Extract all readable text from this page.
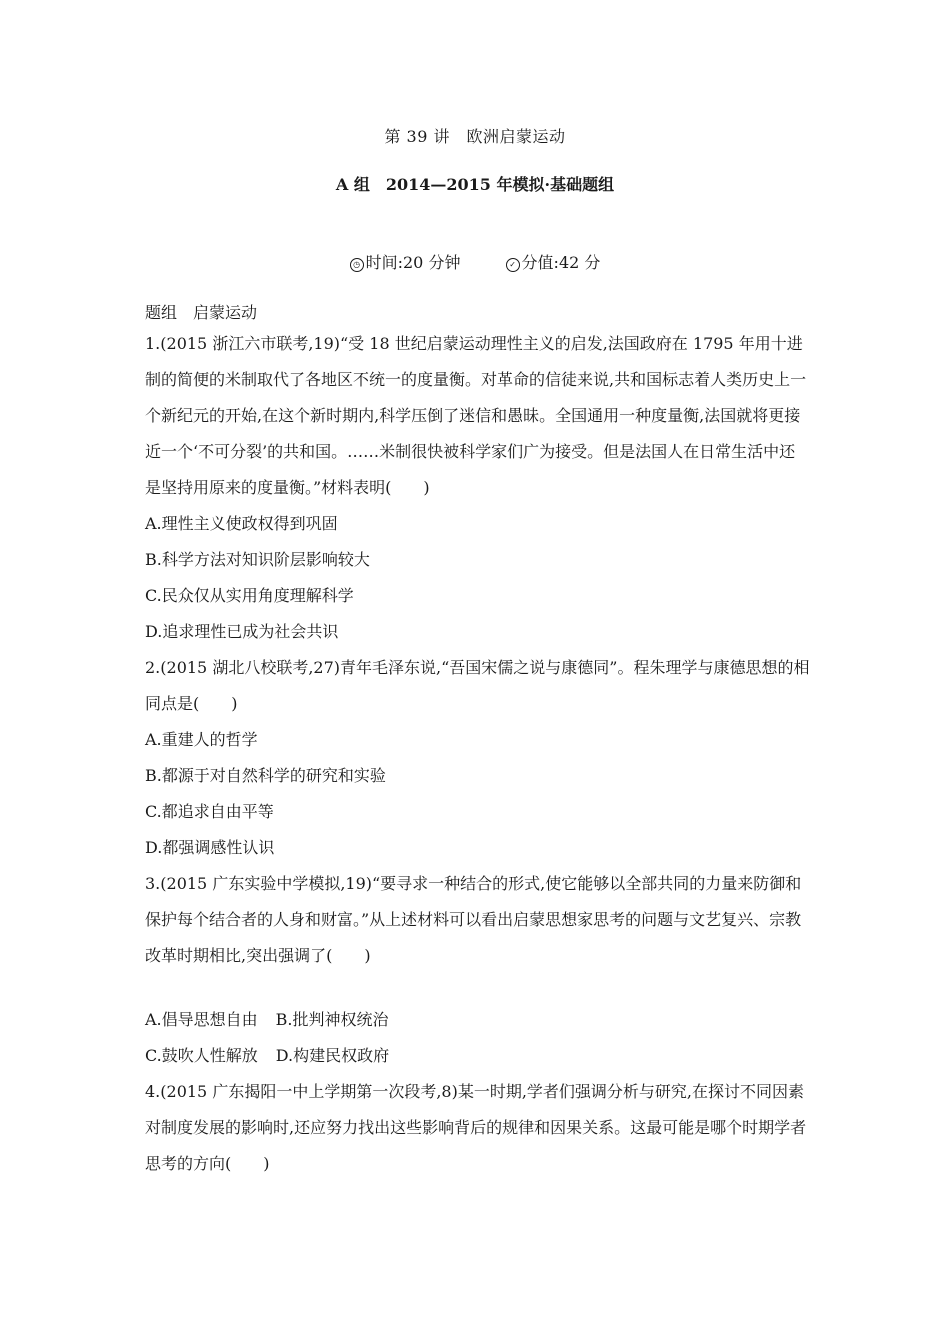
第 39 讲　欧洲启蒙运动
A 组　2014—2015 年模拟·基础题组
◷ 时间:20 分钟	✓ 分值:42 分
题组　启蒙运动
1.(2015 浙江六市联考,19)“受 18 世纪启蒙运动理性主义的启发,法国政府在 1795 年用十进制的简便的米制取代了各地区不统一的度量衡。对革命的信徒来说,共和国标志着人类历史上一个新纪元的开始,在这个新时期内,科学压倒了迷信和愚昧。全国通用一种度量衡,法国就将更接近一个‘不可分裂’的共和国。……米制很快被科学家们广为接受。但是法国人在日常生活中还是坚持用原来的度量衡。”材料表明(　　)
A.理性主义使政权得到巩固
B.科学方法对知识阶层影响较大
C.民众仅从实用角度理解科学
D.追求理性已成为社会共识
2.(2015 湖北八校联考,27)青年毛泽东说,“吾国宋儒之说与康德同”。程朱理学与康德思想的相同点是(　　)
A.重建人的哲学
B.都源于对自然科学的研究和实验
C.都追求自由平等
D.都强调感性认识
3.(2015 广东实验中学模拟,19)“要寻求一种结合的形式,使它能够以全部共同的力量来防御和保护每个结合者的人身和财富。”从上述材料可以看出启蒙思想家思考的问题与文艺复兴、宗教改革时期相比,突出强调了(　　)
A.倡导思想自由 B.批判神权统治
C.鼓吹人性解放 D.构建民权政府
4.(2015 广东揭阳一中上学期第一次段考,8)某一时期,学者们强调分析与研究,在探讨不同因素对制度发展的影响时,还应努力找出这些影响背后的规律和因果关系。这最可能是哪个时期学者思考的方向(　　)
